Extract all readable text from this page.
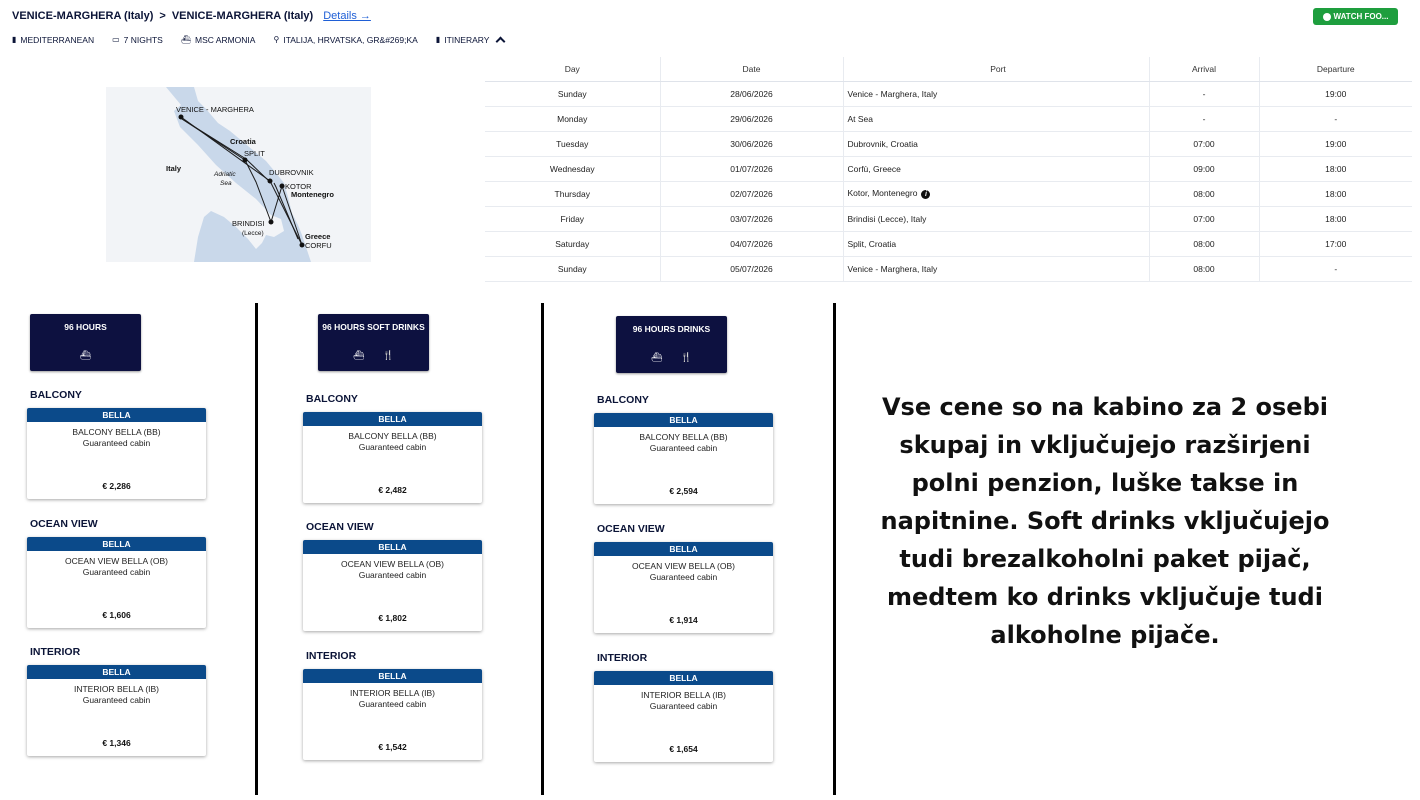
VENICE-MARGHERA (Italy) > VENICE-MARGHERA (Italy) Details →	WATCH FOO...
▮ MEDITERRANEAN ▭ 7 NIGHTS ⛴ MSC ARMONIA ⚲ ITALIJA, HRVATSKA, GR&#269;KA ▮ ITINERARY
VENICE - MARGHERA
Croatia
SPLIT
Italy
Adriatic
Sea
DUBROVNIK
KOTOR
Montenegro
BRINDISI
(Lecce)	Greece
CORFU
Day	Date	Port	Arrival	Departure
Sunday	28/06/2026	Venice - Marghera, Italy	-	19:00
Monday	29/06/2026	At Sea	-	-
Tuesday	30/06/2026	Dubrovnik, Croatia	07:00	19:00
Wednesday	01/07/2026	Corfù, Greece	09:00	18:00
Thursday	02/07/2026	Kotor, Montenegro i	08:00	18:00
Friday	03/07/2026	Brindisi (Lecce), Italy	07:00	18:00
Saturday	04/07/2026	Split, Croatia	08:00	17:00
Sunday	05/07/2026	Venice - Marghera, Italy	08:00	-
96 HOURS
⛴
BALCONY
BELLA
BALCONY BELLA (BB)
Guaranteed cabin
€ 2,286
OCEAN VIEW
BELLA
OCEAN VIEW BELLA (OB)
Guaranteed cabin
€ 1,606
INTERIOR
BELLA
INTERIOR BELLA (IB)
Guaranteed cabin
€ 1,346
96 HOURS SOFT DRINKS
⛴ 🍴
BALCONY
BELLA
BALCONY BELLA (BB)
Guaranteed cabin
€ 2,482
OCEAN VIEW
BELLA
OCEAN VIEW BELLA (OB)
Guaranteed cabin
€ 1,802
INTERIOR
BELLA
INTERIOR BELLA (IB)
Guaranteed cabin
€ 1,542
96 HOURS DRINKS
⛴ 🍴
BALCONY
BELLA
BALCONY BELLA (BB)
Guaranteed cabin
€ 2,594
OCEAN VIEW
BELLA
OCEAN VIEW BELLA (OB)
Guaranteed cabin
€ 1,914
INTERIOR
BELLA
INTERIOR BELLA (IB)
Guaranteed cabin
€ 1,654
Vse cene so na kabino za 2 osebi skupaj in vključujejo razširjeni polni penzion, luške takse in napitnine. Soft drinks vključujejo tudi brezalkoholni paket pijač, medtem ko drinks vključuje tudi alkoholne pijače.
